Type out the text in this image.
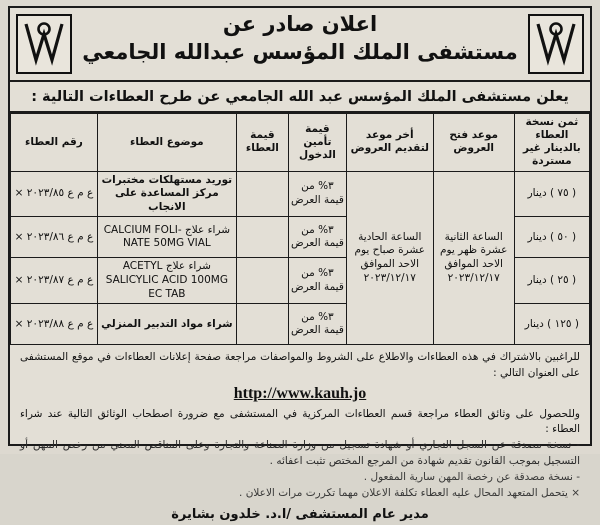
اعلان صادر عن
مستشفى الملك المؤسس عبدالله الجامعي
يعلن مستشفى الملك المؤسس عبد الله الجامعي عن طرح العطاءات التالية :
ثمن نسخة العطاء بالدينار غير مستردة	موعد فتح العروض	أخر موعد لتقديم العروض	قيمة تأمين الدخول	قيمة العطاء	موضوع العطاء	رقم العطاء
( ٧٥ ) دينار	الساعة الثانية عشرة ظهر يوم الاحد الموافق ٢٠٢٣/١٢/١٧	الساعة الحادية عشرة صباح يوم الاحد الموافق ٢٠٢٣/١٢/١٧	٣% من قيمة العرض		توريد مستهلكات مختبرات مركز المساعدة على الانجاب	ع م ع ٢٠٢٣/٨٥ ×
( ٥٠ ) دينار			٣% من قيمة العرض		شراء علاج CALCIUM FOLI-NATE 50MG VIAL	ع م ع ٢٠٢٣/٨٦ ×
( ٢٥ ) دينار			٣% من قيمة العرض		شراء علاج ACETYL SALICYLIC ACID 100MG EC TAB	ع م ع ٢٠٢٣/٨٧ ×
( ١٢٥ ) دينار			٣% من قيمة العرض		شراء مواد التدبير المنزلي	ع م ع ٢٠٢٣/٨٨ ×

للراغبين بالاشتراك في هذه العطاءات والاطلاع على الشروط والمواصفات مراجعة صفحة إعلانات العطاءات في موقع المستشفى على العنوان التالي :

http://www.kauh.jo

وللحصول على وثائق العطاء مراجعة قسم العطاءات المركزية في المستشفى مع ضرورة اصطحاب الوثائق التالية عند شراء العطاء :

- نسخة مصدقة عن السجل التجاري أو شهادة تسجيل من وزارة الصناعة والتجارة وعلى المناقص المعني من رخص المهن أو التسجيل بموجب القانون تقديم شهادة من المرجع المختص تثبت اعفائه .

- نسخة مصدقة عن رخصة المهن سارية المفعول .

× يتحمل المتعهد المحال عليه العطاء تكلفة الاعلان مهما تكررت مرات الاعلان .

مدير عام المستشفى /ا.د. خلدون بشايرة
